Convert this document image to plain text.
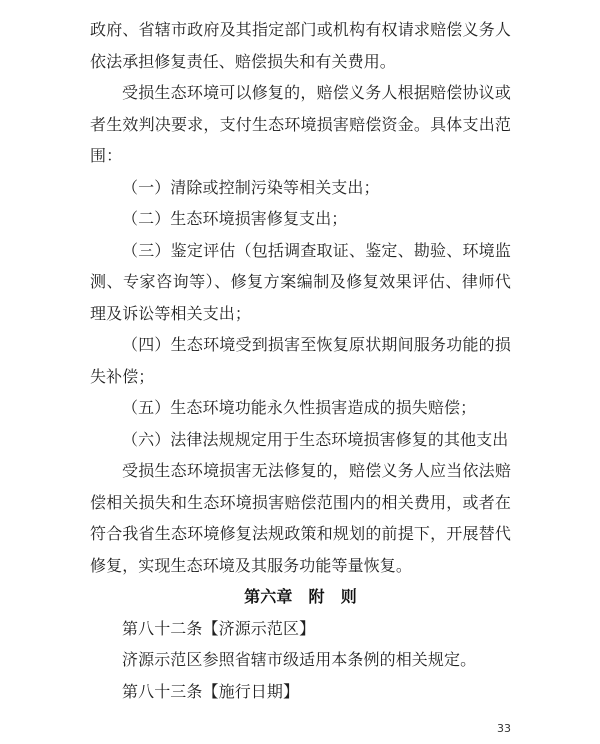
政府、省辖市政府及其指定部门或机构有权请求赔偿义务人依法承担修复责任、赔偿损失和有关费用。

受损生态环境可以修复的，赔偿义务人根据赔偿协议或者生效判决要求，支付生态环境损害赔偿资金。具体支出范围：

（一）清除或控制污染等相关支出；

（二）生态环境损害修复支出；

（三）鉴定评估（包括调查取证、鉴定、勘验、环境监测、专家咨询等）、修复方案编制及修复效果评估、律师代理及诉讼等相关支出；

（四）生态环境受到损害至恢复原状期间服务功能的损失补偿；

（五）生态环境功能永久性损害造成的损失赔偿；

（六）法律法规规定用于生态环境损害修复的其他支出

受损生态环境损害无法修复的，赔偿义务人应当依法赔偿相关损失和生态环境损害赔偿范围内的相关费用，或者在符合我省生态环境修复法规政策和规划的前提下，开展替代修复，实现生态环境及其服务功能等量恢复。

第六章　附　则

第八十二条【济源示范区】

济源示范区参照省辖市级适用本条例的相关规定。

第八十三条【施行日期】

33
